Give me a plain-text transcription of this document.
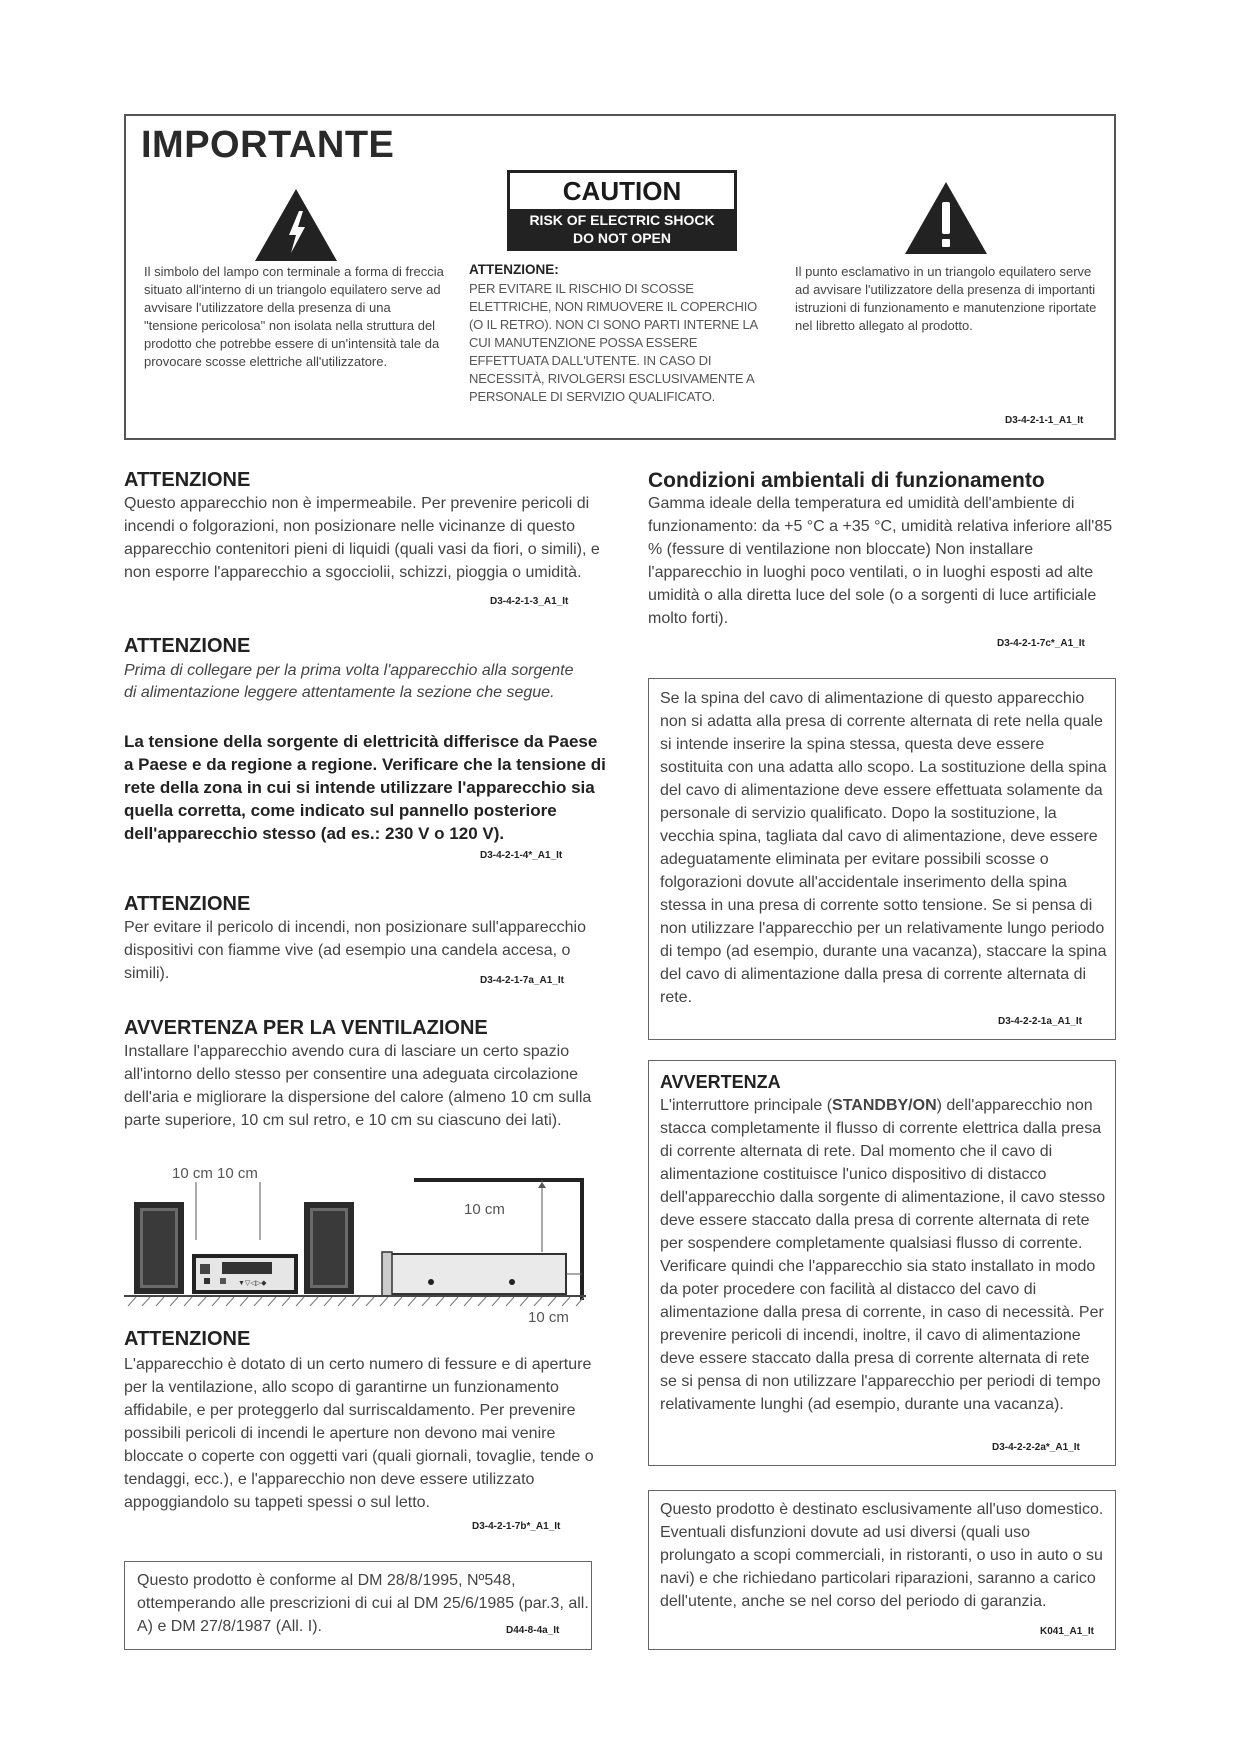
IMPORTANTE
CAUTION
RISK OF ELECTRIC SHOCK
DO NOT OPEN
Il simbolo del lampo con terminale a forma di freccia situato all'interno di un triangolo equilatero serve ad avvisare l'utilizzatore della presenza di una "tensione pericolosa" non isolata nella struttura del prodotto che potrebbe essere di un'intensità tale da provocare scosse elettriche all'utilizzatore.
ATTENZIONE:
PER EVITARE IL RISCHIO DI SCOSSE ELETTRICHE, NON RIMUOVERE IL COPERCHIO (O IL RETRO). NON CI SONO PARTI INTERNE LA CUI MANUTENZIONE POSSA ESSERE EFFETTUATA DALL'UTENTE. IN CASO DI NECESSITÀ, RIVOLGERSI ESCLUSIVAMENTE A PERSONALE DI SERVIZIO QUALIFICATO.
Il punto esclamativo in un triangolo equilatero serve ad avvisare l'utilizzatore della presenza di importanti istruzioni di funzionamento e manutenzione riportate nel libretto allegato al prodotto.
D3-4-2-1-1_A1_It
ATTENZIONE
Questo apparecchio non è impermeabile. Per prevenire pericoli di incendi o folgorazioni, non posizionare nelle vicinanze di questo apparecchio contenitori pieni di liquidi (quali vasi da fiori, o simili), e non esporre l'apparecchio a sgocciolii, schizzi, pioggia o umidità.
D3-4-2-1-3_A1_It
ATTENZIONE
Prima di collegare per la prima volta l'apparecchio alla sorgente di alimentazione leggere attentamente la sezione che segue.
La tensione della sorgente di elettricità differisce da Paese a Paese e da regione a regione. Verificare che la tensione di rete della zona in cui si intende utilizzare l'apparecchio sia quella corretta, come indicato sul pannello posteriore dell'apparecchio stesso (ad es.: 230 V o 120 V).
D3-4-2-1-4*_A1_It
ATTENZIONE
Per evitare il pericolo di incendi, non posizionare sull'apparecchio dispositivi con fiamme vive (ad esempio una candela accesa, o simili).	D3-4-2-1-7a_A1_It
AVVERTENZA PER LA VENTILAZIONE
Installare l'apparecchio avendo cura di lasciare un certo spazio all'intorno dello stesso per consentire una adeguata circolazione dell'aria e migliorare la dispersione del calore (almeno 10 cm sulla parte superiore, 10 cm sul retro, e 10 cm su ciascuno dei lati).
10 cm 10 cm
▼▽◁▷◆
10 cm
10 cm
ATTENZIONE
L'apparecchio è dotato di un certo numero di fessure e di aperture per la ventilazione, allo scopo di garantirne un funzionamento affidabile, e per proteggerlo dal surriscaldamento. Per prevenire possibili pericoli di incendi le aperture non devono mai venire bloccate o coperte con oggetti vari (quali giornali, tovaglie, tende o tendaggi, ecc.), e l'apparecchio non deve essere utilizzato appoggiandolo su tappeti spessi o sul letto.
D3-4-2-1-7b*_A1_It
Questo prodotto è conforme al DM 28/8/1995, Nº548, ottemperando alle prescrizioni di cui al DM 25/6/1985 (par.3, all. A) e DM 27/8/1987 (All. I).	D44-8-4a_It
Condizioni ambientali di funzionamento
Gamma ideale della temperatura ed umidità dell'ambiente di funzionamento: da +5 °C a +35 °C, umidità relativa inferiore all'85 % (fessure di ventilazione non bloccate) Non installare l'apparecchio in luoghi poco ventilati, o in luoghi esposti ad alte umidità o alla diretta luce del sole (o a sorgenti di luce artificiale molto forti).
D3-4-2-1-7c*_A1_It
Se la spina del cavo di alimentazione di questo apparecchio non si adatta alla presa di corrente alternata di rete nella quale si intende inserire la spina stessa, questa deve essere sostituita con una adatta allo scopo. La sostituzione della spina del cavo di alimentazione deve essere effettuata solamente da personale di servizio qualificato. Dopo la sostituzione, la vecchia spina, tagliata dal cavo di alimentazione, deve essere adeguatamente eliminata per evitare possibili scosse o folgorazioni dovute all'accidentale inserimento della spina stessa in una presa di corrente sotto tensione. Se si pensa di non utilizzare l'apparecchio per un relativamente lungo periodo di tempo (ad esempio, durante una vacanza), staccare la spina del cavo di alimentazione dalla presa di corrente alternata di rete.
D3-4-2-2-1a_A1_It
AVVERTENZA
L'interruttore principale (STANDBY/ON) dell'apparecchio non stacca completamente il flusso di corrente elettrica dalla presa di corrente alternata di rete. Dal momento che il cavo di alimentazione costituisce l'unico dispositivo di distacco dell'apparecchio dalla sorgente di alimentazione, il cavo stesso deve essere staccato dalla presa di corrente alternata di rete per sospendere completamente qualsiasi flusso di corrente. Verificare quindi che l'apparecchio sia stato installato in modo da poter procedere con facilità al distacco del cavo di alimentazione dalla presa di corrente, in caso di necessità. Per prevenire pericoli di incendi, inoltre, il cavo di alimentazione deve essere staccato dalla presa di corrente alternata di rete se si pensa di non utilizzare l'apparecchio per periodi di tempo relativamente lunghi (ad esempio, durante una vacanza).
D3-4-2-2-2a*_A1_It
Questo prodotto è destinato esclusivamente all'uso domestico. Eventuali disfunzioni dovute ad usi diversi (quali uso prolungato a scopi commerciali, in ristoranti, o uso in auto o su navi) e che richiedano particolari riparazioni, saranno a carico dell'utente, anche se nel corso del periodo di garanzia.
K041_A1_It
